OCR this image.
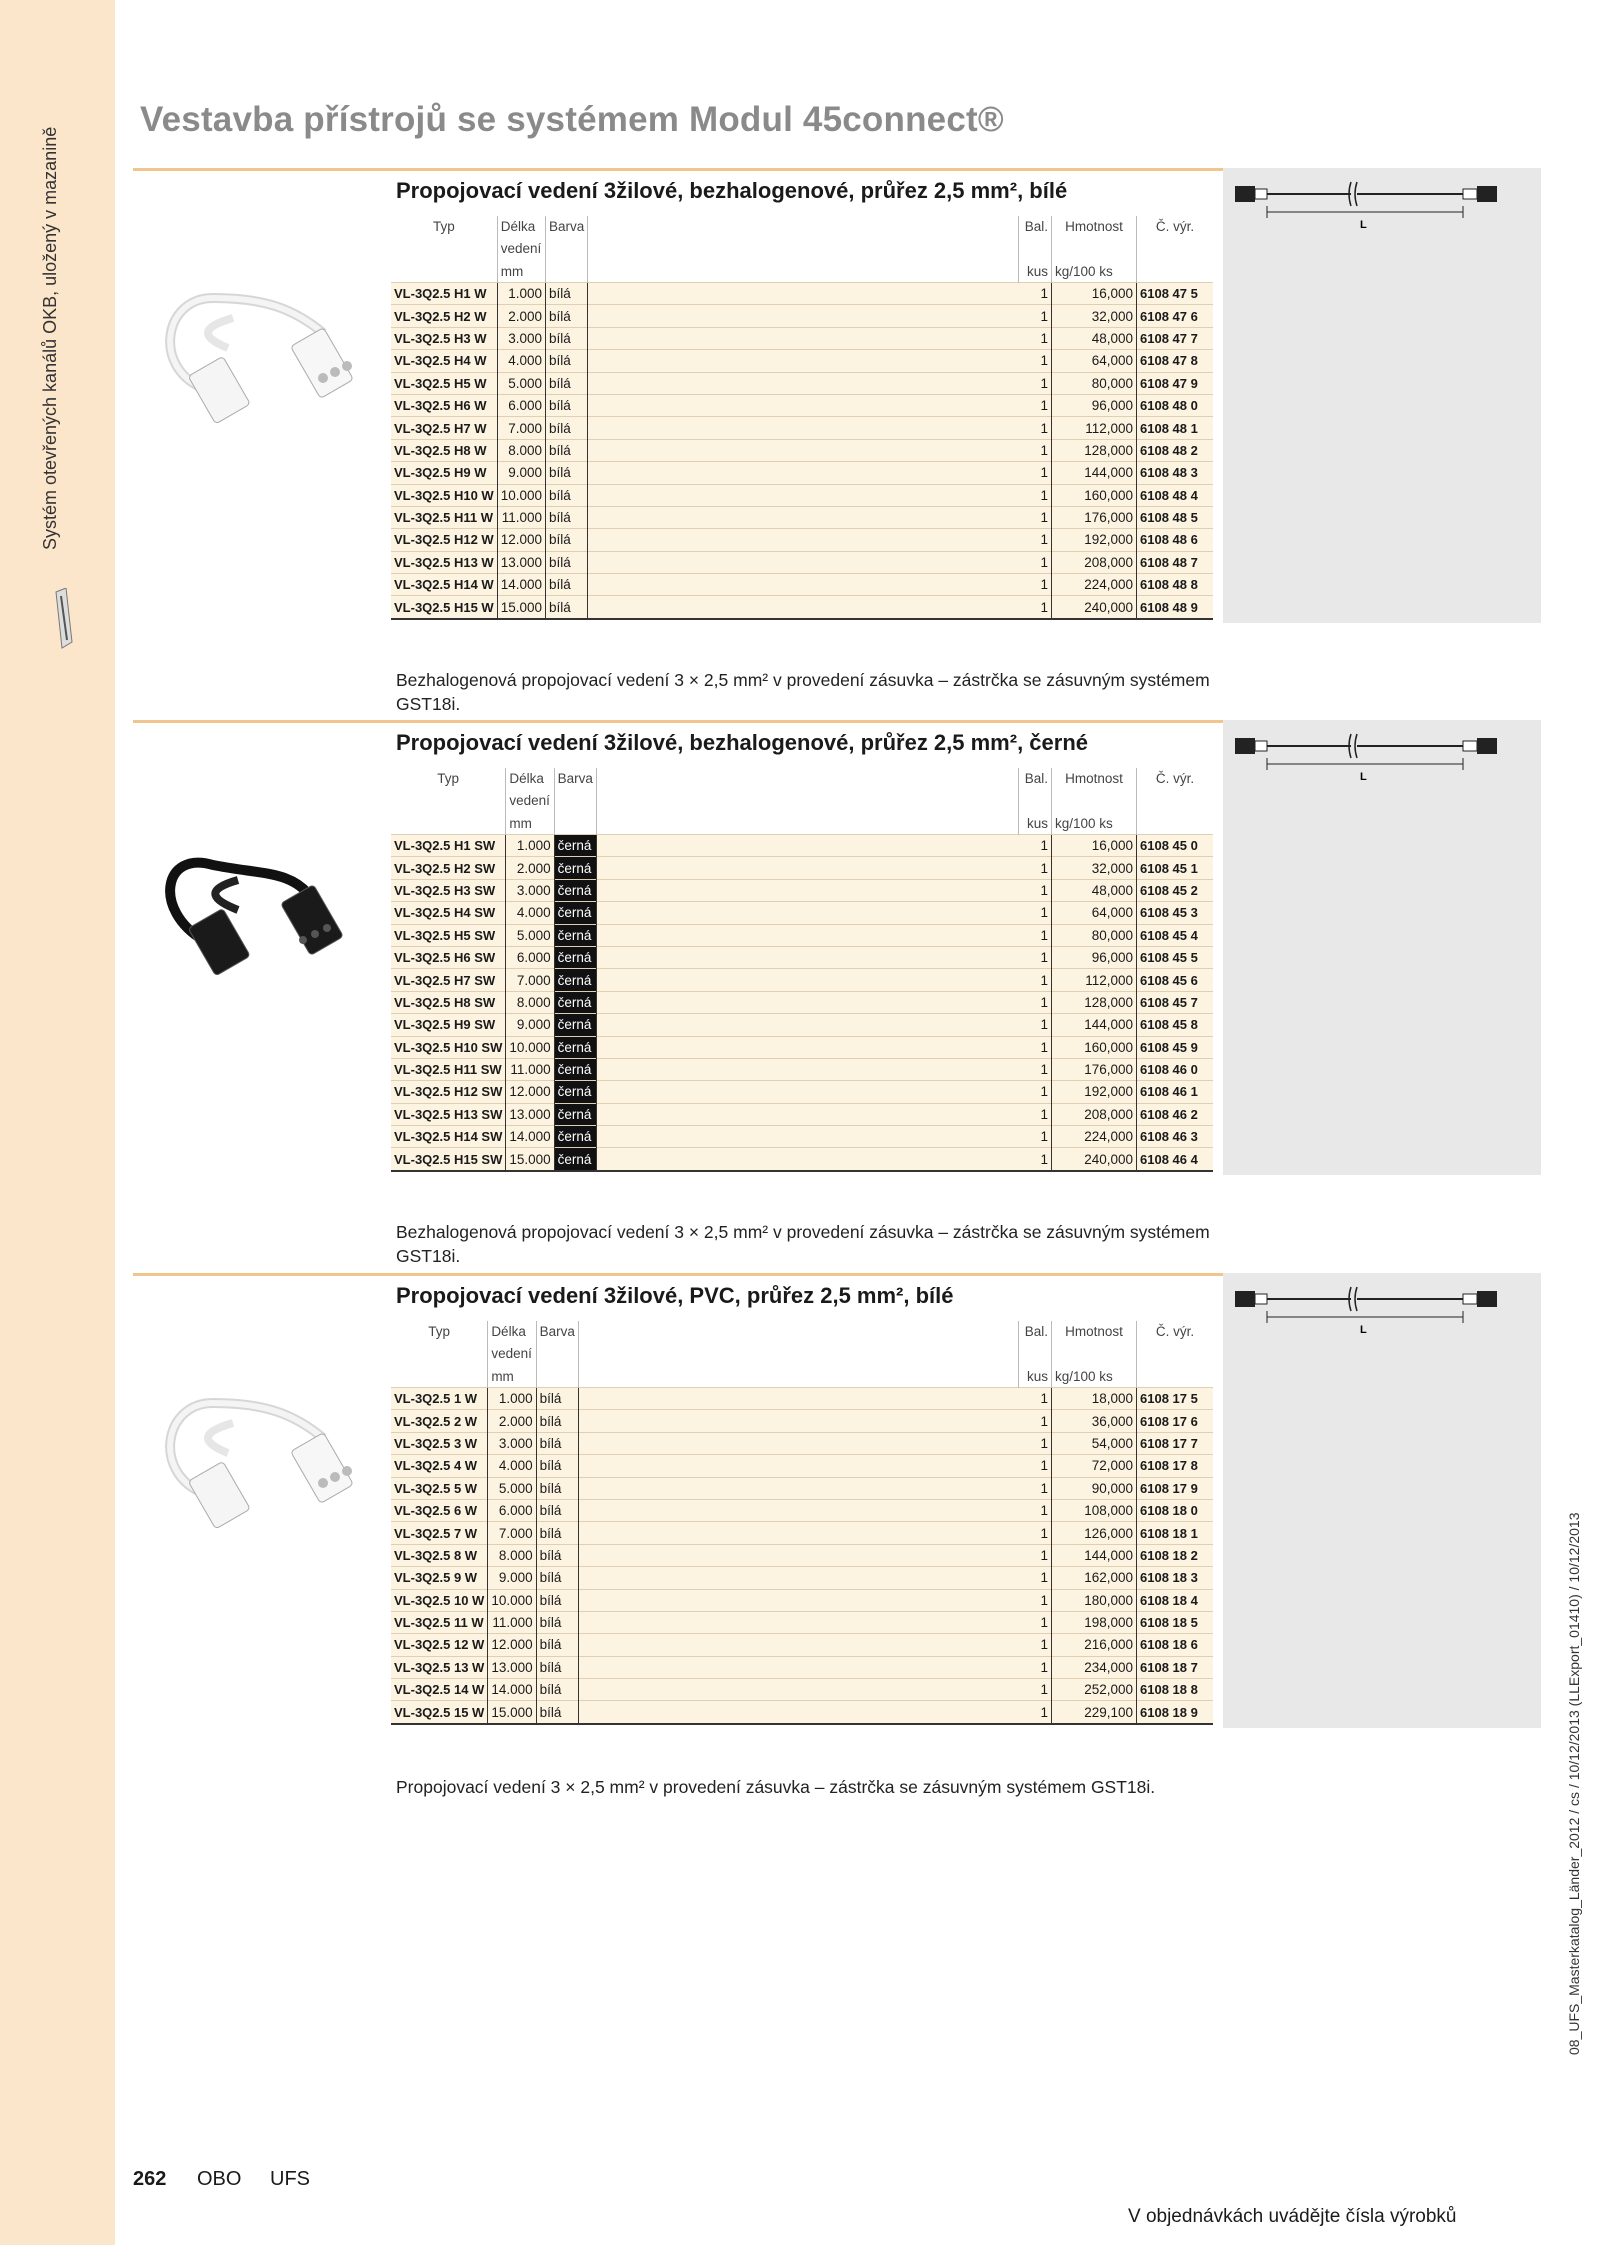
Systém otevřených kanálů OKB, uložený v mazanině
Vestavba přístrojů se systémem Modul 45connect®
Propojovací vedení 3žilové, bezhalogenové, průřez 2,5 mm², bílé
L
Typ	Délka vedení	Barva		Bal.	Hmotnost	Č. výr.
	mm			kus	kg/100 ks	
VL-3Q2.5 H1 W	1.000	bílá		1	16,000	6108 47 5
VL-3Q2.5 H2 W	2.000	bílá		1	32,000	6108 47 6
VL-3Q2.5 H3 W	3.000	bílá		1	48,000	6108 47 7
VL-3Q2.5 H4 W	4.000	bílá		1	64,000	6108 47 8
VL-3Q2.5 H5 W	5.000	bílá		1	80,000	6108 47 9
VL-3Q2.5 H6 W	6.000	bílá		1	96,000	6108 48 0
VL-3Q2.5 H7 W	7.000	bílá		1	112,000	6108 48 1
VL-3Q2.5 H8 W	8.000	bílá		1	128,000	6108 48 2
VL-3Q2.5 H9 W	9.000	bílá		1	144,000	6108 48 3
VL-3Q2.5 H10 W	10.000	bílá		1	160,000	6108 48 4
VL-3Q2.5 H11 W	11.000	bílá		1	176,000	6108 48 5
VL-3Q2.5 H12 W	12.000	bílá		1	192,000	6108 48 6
VL-3Q2.5 H13 W	13.000	bílá		1	208,000	6108 48 7
VL-3Q2.5 H14 W	14.000	bílá		1	224,000	6108 48 8
VL-3Q2.5 H15 W	15.000	bílá		1	240,000	6108 48 9
Bezhalogenová propojovací vedení 3 × 2,5 mm² v provedení zásuvka – zástrčka se zásuvným systémem GST18i.
Propojovací vedení 3žilové, bezhalogenové, průřez 2,5 mm², černé
L
Typ	Délka vedení	Barva		Bal.	Hmotnost	Č. výr.
	mm			kus	kg/100 ks	
VL-3Q2.5 H1 SW	1.000	černá		1	16,000	6108 45 0
VL-3Q2.5 H2 SW	2.000	černá		1	32,000	6108 45 1
VL-3Q2.5 H3 SW	3.000	černá		1	48,000	6108 45 2
VL-3Q2.5 H4 SW	4.000	černá		1	64,000	6108 45 3
VL-3Q2.5 H5 SW	5.000	černá		1	80,000	6108 45 4
VL-3Q2.5 H6 SW	6.000	černá		1	96,000	6108 45 5
VL-3Q2.5 H7 SW	7.000	černá		1	112,000	6108 45 6
VL-3Q2.5 H8 SW	8.000	černá		1	128,000	6108 45 7
VL-3Q2.5 H9 SW	9.000	černá		1	144,000	6108 45 8
VL-3Q2.5 H10 SW	10.000	černá		1	160,000	6108 45 9
VL-3Q2.5 H11 SW	11.000	černá		1	176,000	6108 46 0
VL-3Q2.5 H12 SW	12.000	černá		1	192,000	6108 46 1
VL-3Q2.5 H13 SW	13.000	černá		1	208,000	6108 46 2
VL-3Q2.5 H14 SW	14.000	černá		1	224,000	6108 46 3
VL-3Q2.5 H15 SW	15.000	černá		1	240,000	6108 46 4
Bezhalogenová propojovací vedení 3 × 2,5 mm² v provedení zásuvka – zástrčka se zásuvným systémem GST18i.
Propojovací vedení 3žilové, PVC, průřez 2,5 mm², bílé
L
Typ	Délka vedení	Barva		Bal.	Hmotnost	Č. výr.
	mm			kus	kg/100 ks	
VL-3Q2.5 1 W	1.000	bílá		1	18,000	6108 17 5
VL-3Q2.5 2 W	2.000	bílá		1	36,000	6108 17 6
VL-3Q2.5 3 W	3.000	bílá		1	54,000	6108 17 7
VL-3Q2.5 4 W	4.000	bílá		1	72,000	6108 17 8
VL-3Q2.5 5 W	5.000	bílá		1	90,000	6108 17 9
VL-3Q2.5 6 W	6.000	bílá		1	108,000	6108 18 0
VL-3Q2.5 7 W	7.000	bílá		1	126,000	6108 18 1
VL-3Q2.5 8 W	8.000	bílá		1	144,000	6108 18 2
VL-3Q2.5 9 W	9.000	bílá		1	162,000	6108 18 3
VL-3Q2.5 10 W	10.000	bílá		1	180,000	6108 18 4
VL-3Q2.5 11 W	11.000	bílá		1	198,000	6108 18 5
VL-3Q2.5 12 W	12.000	bílá		1	216,000	6108 18 6
VL-3Q2.5 13 W	13.000	bílá		1	234,000	6108 18 7
VL-3Q2.5 14 W	14.000	bílá		1	252,000	6108 18 8
VL-3Q2.5 15 W	15.000	bílá		1	229,100	6108 18 9
Propojovací vedení 3 × 2,5 mm² v provedení zásuvka – zástrčka se zásuvným systémem GST18i.
262 OBO UFS
V objednávkách uvádějte čísla výrobků
08_UFS_Masterkatalog_Länder_2012 / cs / 10/12/2013 (LLExport_01410) / 10/12/2013
